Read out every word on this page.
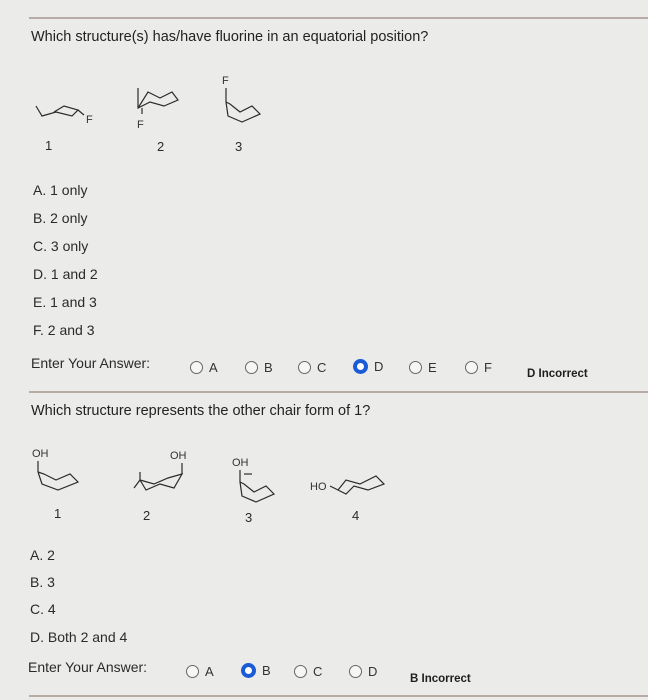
Which structure(s) has/have fluorine in an equatorial position?
F
1
F
2
F
3
A. 1 only
B. 2 only
C. 3 only
D. 1 and 2
E. 1 and 3
F. 2 and 3
Enter Your Answer:	A	B	C	D	E	F	D Incorrect
Which structure represents the other chair form of 1?
OH
1
OH
2
OH
3
HO
4
A. 2
B. 3
C. 4
D. Both 2 and 4
Enter Your Answer:	A	B	C	D	B Incorrect
